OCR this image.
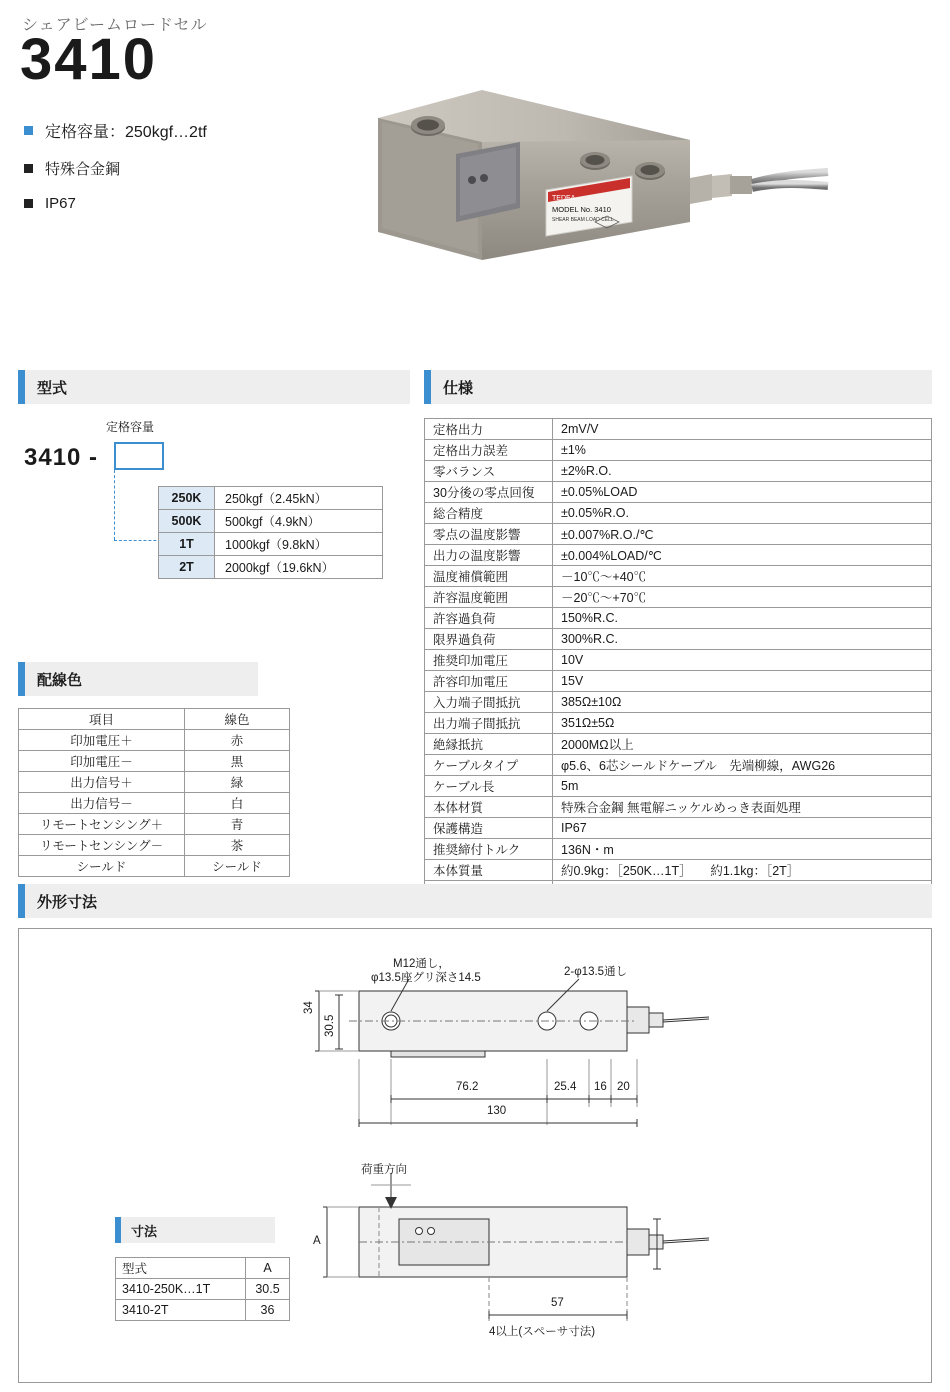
シェアビームロードセル
3410
定格容量：250kgf…2tf
特殊合金鋼
IP67	TEDEA
MODEL No. 3410
SHEAR BEAM LOAD CELL
型式
定格容量
3410 -
250K	250kgf（2.45kN）
500K	500kgf（4.9kN）
1T	1000kgf（9.8kN）
2T	2000kgf（19.6kN）
配線色
項目	線色
印加電圧＋	赤
印加電圧－	黒
出力信号＋	緑
出力信号－	白
リモートセンシング＋	青
リモートセンシング－	茶
シールド	シールド
仕様
定格出力	2mV/V
定格出力誤差	±1%
零バランス	±2%R.O.
30分後の零点回復	±0.05%LOAD
総合精度	±0.05%R.O.
零点の温度影響	±0.007%R.O./℃
出力の温度影響	±0.004%LOAD/℃
温度補償範囲	－10℃～+40℃
許容温度範囲	－20℃～+70℃
許容過負荷	150%R.C.
限界過負荷	300%R.C.
推奨印加電圧	10V
許容印加電圧	15V
入力端子間抵抗	385Ω±10Ω
出力端子間抵抗	351Ω±5Ω
絶縁抵抗	2000MΩ以上
ケーブルタイプ	φ5.6、6芯シールドケーブル　先端柳線，AWG26
ケーブル長	5m
本体材質	特殊合金鋼 無電解ニッケルめっき表面処理
保護構造	IP67
推奨締付トルク	136N・m
本体質量	約0.9kg：［250K…1T］　　約1.1kg：［2T］

外形寸法
M12通し，
φ13.5座グリ深さ14.5	2-φ13.5通し
34
30.5
76.2	25.4 16 20
130
荷重方向
A
57
4以上(スペーサ寸法)
寸法
型式	A
3410-250K…1T	30.5
3410-2T	36
